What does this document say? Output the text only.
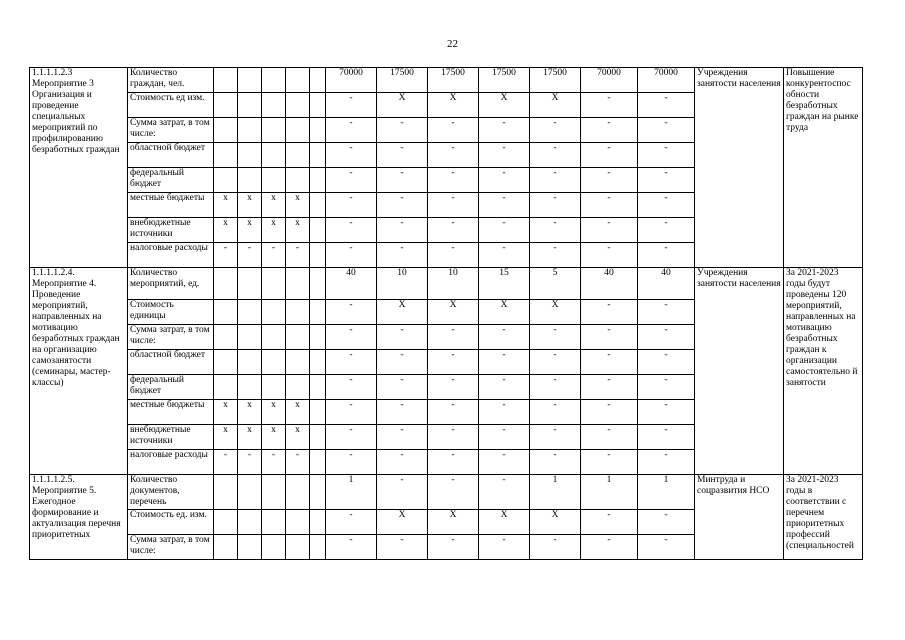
22
1.1.1.1.2.3 Мероприятие 3 Организация и проведение специальных мероприятий по профилированию безработных граждан	Количество граждан, чел.						70000	17500	17500	17500	17500	70000	70000	Учреждения занятости населения	Повышение конкурентоспос обности безработных граждан на рынке труда
	Стоимость ед изм.						-	X	X	X	X	-	-		
	Сумма затрат, в том числе:						-	-	-	-	-	-	-		
	областной бюджет						-	-	-	-	-	-	-		
	федеральный бюджет						-	-	-	-	-	-	-		
	местные бюджеты	x	x	x	x		-	-	-	-	-	-	-		
	внебюджетные источники	x	x	x	x		-	-	-	-	-	-	-		
	налоговые расходы	-	-	-	-		-	-	-	-	-	-	-		
1.1.1.1.2.4. Мероприятие 4. Проведение мероприятий, направленных на мотивацию безработных граждан на организацию самозанятости (семинары, мастер-классы)	Количество мероприятий, ед.						40	10	10	15	5	40	40	Учреждения занятости населения	За 2021-2023 годы будут проведены 120 мероприятий, направленных на мотивацию безработных граждан к организации самостоятельно й занятости
	Стоимость единицы						-	X	X	X	X	-	-		
	Сумма затрат, в том числе:						-	-	-	-	-	-	-		
	областной бюджет						-	-	-	-	-	-	-		
	федеральный бюджет						-	-	-	-	-	-	-		
	местные бюджеты	x	x	x	x		-	-	-	-	-	-	-		
	внебюджетные источники	x	x	x	x		-	-	-	-	-	-	-		
	налоговые расходы	-	-	-	-		-	-	-	-	-	-	-		
1.1.1.1.2.5. Мероприятие 5. Ежегодное формирование и актуализация перечня приоритетных	Количество документов, перечень						1	-	-	-	1	1	1	Минтруда и соцразвития НСО	За 2021-2023 годы в соответствии с перечнем приоритетных профессий (специальностей
	Стоимость ед. изм.						-	X	X	X	X	-	-		
	Сумма затрат, в том числе:						-	-	-	-	-	-	-		
